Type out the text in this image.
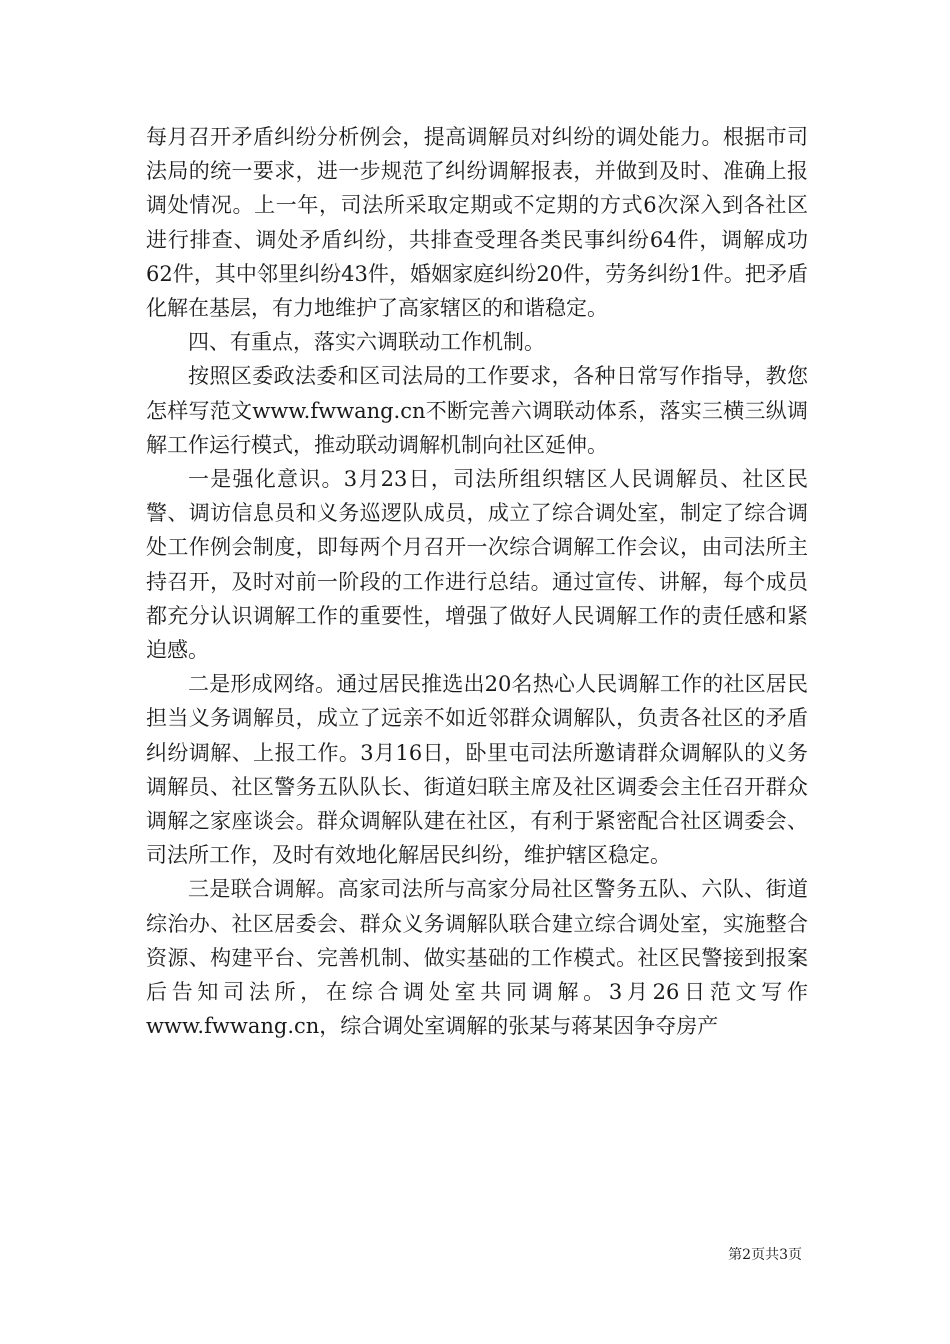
每月召开矛盾纠纷分析例会，提高调解员对纠纷的调处能力。根据市司法局的统一要求，进一步规范了纠纷调解报表，并做到及时、准确上报调处情况。上一年，司法所采取定期或不定期的方式6次深入到各社区进行排查、调处矛盾纠纷，共排查受理各类民事纠纷64件，调解成功62件，其中邻里纠纷43件，婚姻家庭纠纷20件，劳务纠纷1件。把矛盾化解在基层，有力地维护了高家辖区的和谐稳定。

四、有重点，落实六调联动工作机制。

按照区委政法委和区司法局的工作要求，各种日常写作指导，教您怎样写范文www.fwwang.cn不断完善六调联动体系，落实三横三纵调解工作运行模式，推动联动调解机制向社区延伸。

一是强化意识。3月23日，司法所组织辖区人民调解员、社区民警、调访信息员和义务巡逻队成员，成立了综合调处室，制定了综合调处工作例会制度，即每两个月召开一次综合调解工作会议，由司法所主持召开，及时对前一阶段的工作进行总结。通过宣传、讲解，每个成员都充分认识调解工作的重要性，增强了做好人民调解工作的责任感和紧迫感。

二是形成网络。通过居民推选出20名热心人民调解工作的社区居民担当义务调解员，成立了远亲不如近邻群众调解队，负责各社区的矛盾纠纷调解、上报工作。3月16日，卧里屯司法所邀请群众调解队的义务调解员、社区警务五队队长、街道妇联主席及社区调委会主任召开群众调解之家座谈会。群众调解队建在社区，有利于紧密配合社区调委会、司法所工作，及时有效地化解居民纠纷，维护辖区稳定。

三是联合调解。高家司法所与高家分局社区警务五队、六队、街道综治办、社区居委会、群众义务调解队联合建立综合调处室，实施整合资源、构建平台、完善机制、做实基础的工作模式。社区民警接到报案后告知司法所，在综合调处室共同调解。3月26日范文写作www.fwwang.cn，综合调处室调解的张某与蒋某因争夺房产

第2页共3页
